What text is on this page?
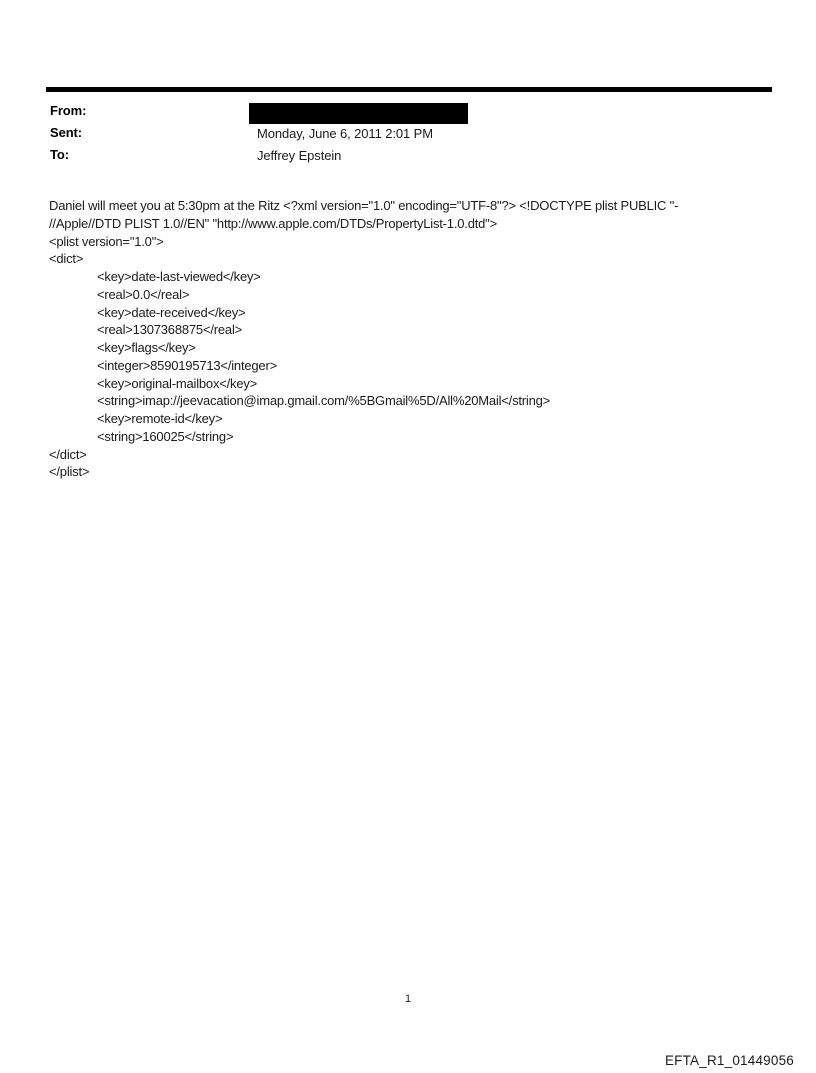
From:
Sent:	Monday, June 6, 2011 2:01 PM
To:	Jeffrey Epstein
Daniel will meet you at 5:30pm at the Ritz <?xml version="1.0" encoding="UTF-8"?> <!DOCTYPE plist PUBLIC "-
//Apple//DTD PLIST 1.0//EN" "http://www.apple.com/DTDs/PropertyList-1.0.dtd">
<plist version="1.0">
<dict>
<key>date-last-viewed</key>
<real>0.0</real>
<key>date-received</key>
<real>1307368875</real>
<key>flags</key>
<integer>8590195713</integer>
<key>original-mailbox</key>
<string>imap://jeevacation@imap.gmail.com/%5BGmail%5D/All%20Mail</string>
<key>remote-id</key>
<string>160025</string>
</dict>
</plist>
1
EFTA_R1_01449056
